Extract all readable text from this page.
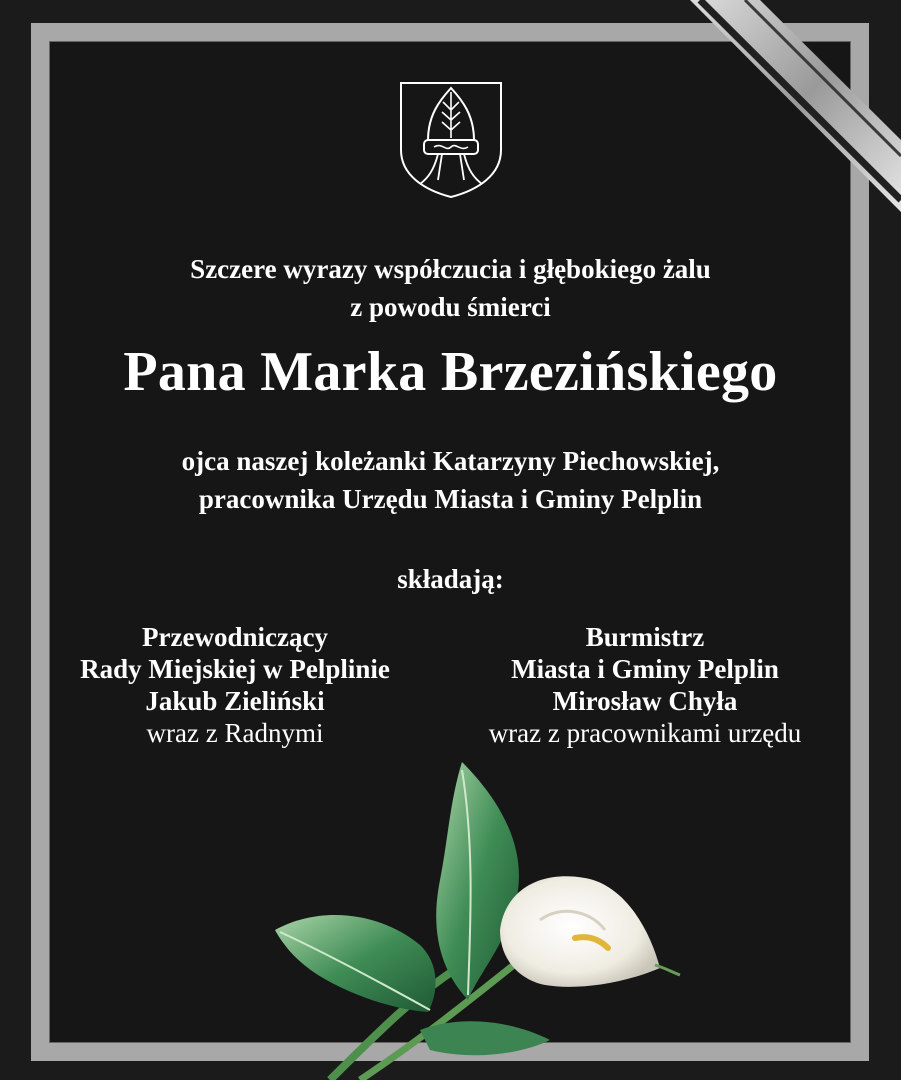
Szczere wyrazy współczucia i głębokiego żalu
z powodu śmierci
Pana Marka Brzezińskiego
ojca naszej koleżanki Katarzyny Piechowskiej,
pracownika Urzędu Miasta i Gminy Pelplin
składają:
Przewodniczący
Rady Miejskiej w Pelplinie
Jakub Zieliński
wraz z Radnymi
Burmistrz
Miasta i Gminy Pelplin
Mirosław Chyła
wraz z pracownikami urzędu
